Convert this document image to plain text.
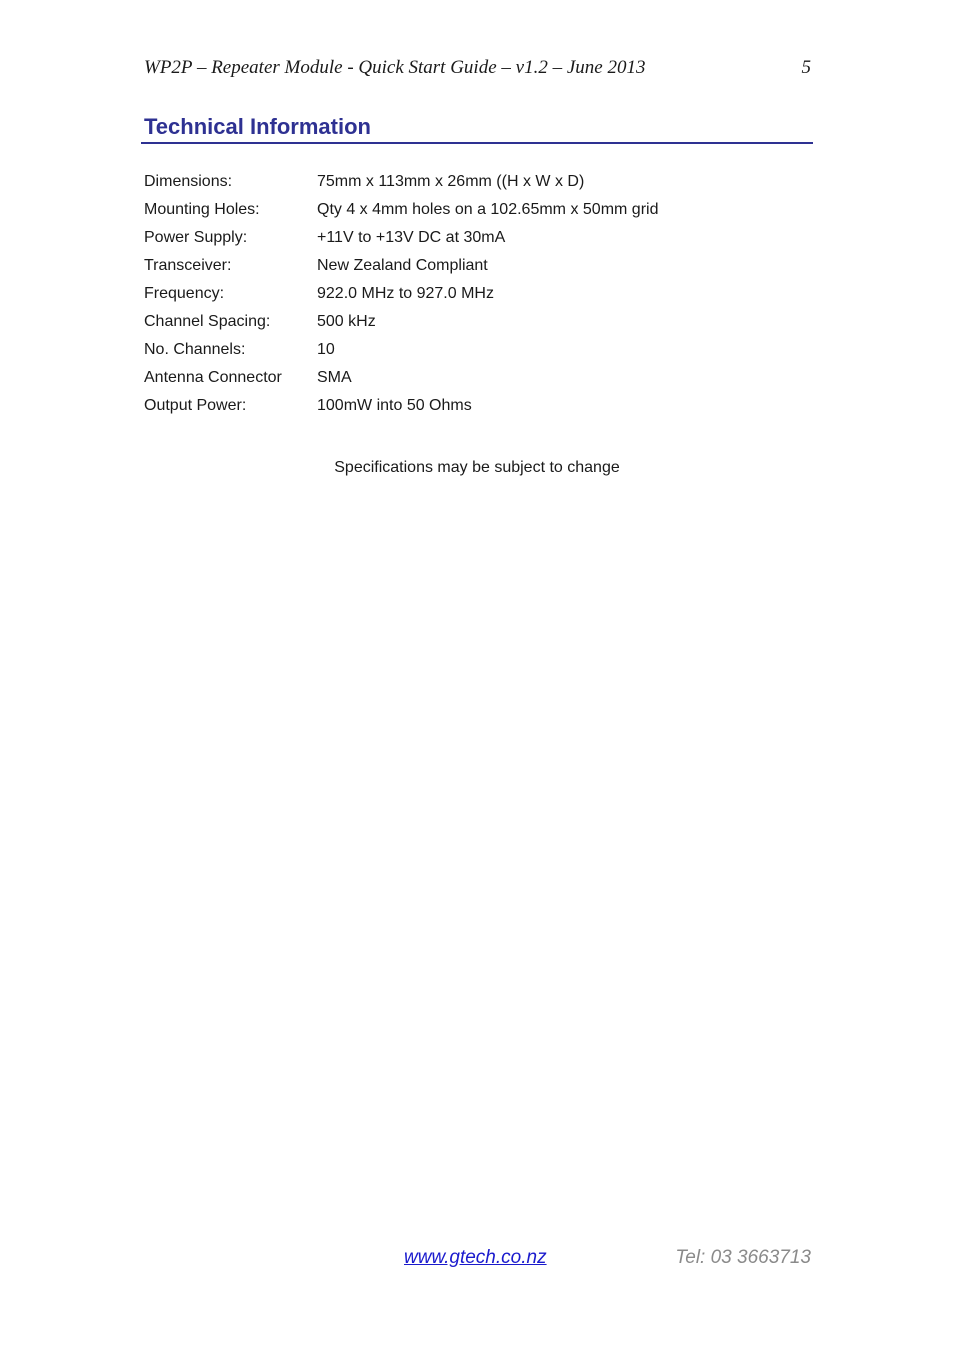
WP2P – Repeater Module - Quick Start Guide – v1.2 – June 2013	5
Technical Information
Dimensions:	75mm x 113mm x 26mm ((H x W x D)
Mounting Holes:	Qty 4 x 4mm holes on a 102.65mm x 50mm grid
Power Supply:	+11V to +13V DC at 30mA
Transceiver:	New Zealand Compliant
Frequency:	922.0 MHz to 927.0 MHz
Channel Spacing:	500 kHz
No. Channels:	10
Antenna Connector SMA
Output Power:	100mW into 50 Ohms
Specifications may be subject to change
www.gtech.co.nz	Tel: 03 3663713
